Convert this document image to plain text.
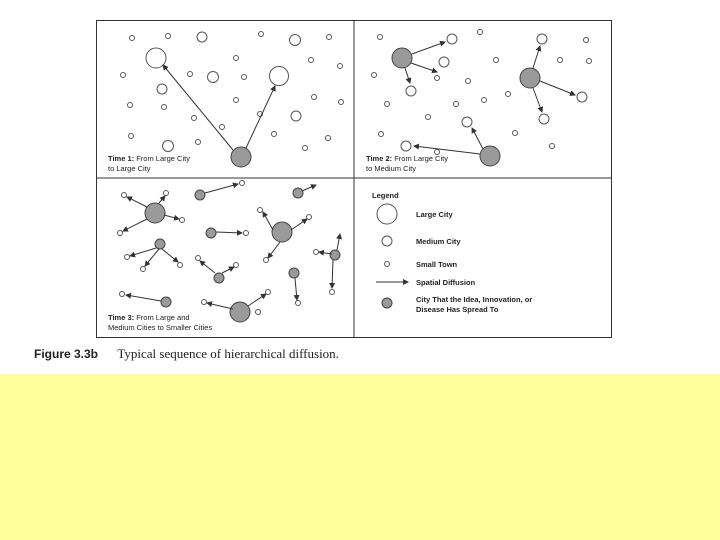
Time 1: From Large City
to Large City
Time 2: From Large City
to Medium City
Time 3: From Large and
Medium Cities to Smaller Cities
Legend
Large City
Medium City
Small Town
Spatial Diffusion
City That the Idea, Innovation, or
Disease Has Spread To
Figure 3.3b Typical sequence of hierarchical diffusion.
